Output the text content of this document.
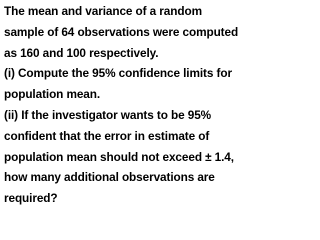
The mean and variance of a random
sample of 64 observations were computed
as 160 and 100 respectively.
(i) Compute the 95% confidence limits for
population mean.
(ii) If the investigator wants to be 95%
confident that the error in estimate of
population mean should not exceed ± 1.4,
how many additional observations are
required?
